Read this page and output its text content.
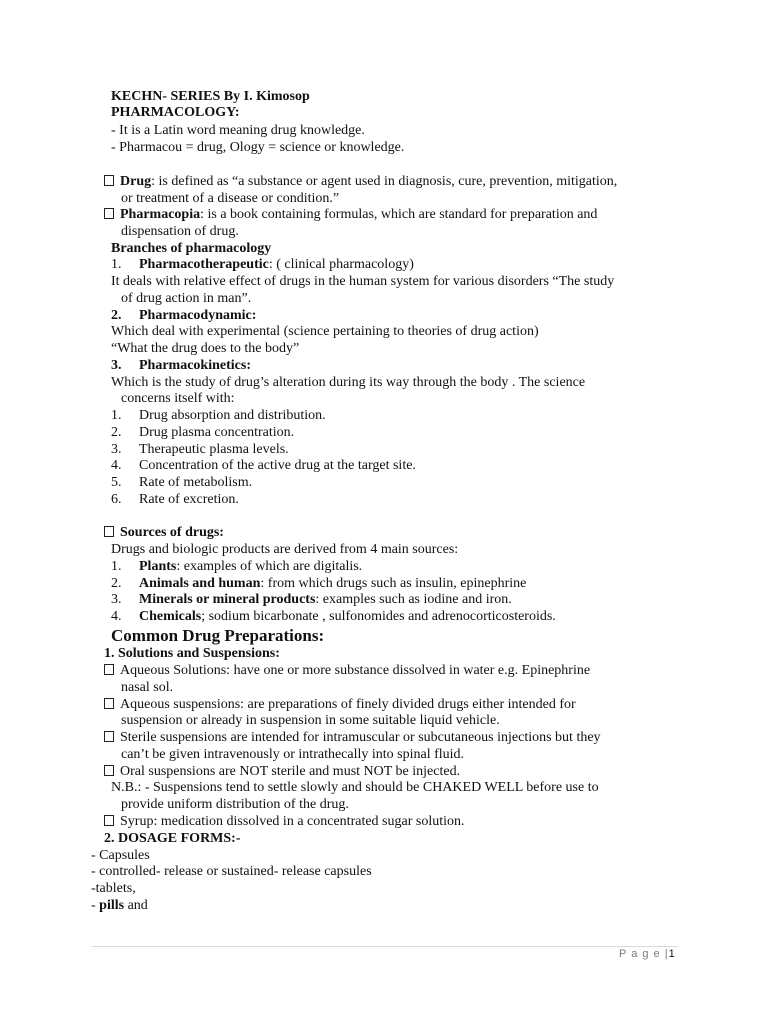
KECHN- SERIES By I. Kimosop
PHARMACOLOGY:
- It is a Latin word meaning drug knowledge.
- Pharmacou = drug, Ology = science or knowledge.
Drug: is defined as “a substance or agent used in diagnosis, cure, prevention, mitigation,
or treatment of a disease or condition.”
Pharmacopia: is a book containing formulas, which are standard for preparation and
dispensation of drug.
Branches of pharmacology
1. Pharmacotherapeutic: ( clinical pharmacology)
It deals with relative effect of drugs in the human system for various disorders “The study
of drug action in man”.
2. Pharmacodynamic:
Which deal with experimental (science pertaining to theories of drug action)
“What the drug does to the body”
3. Pharmacokinetics:
Which is the study of drug’s alteration during its way through the body . The science
concerns itself with:
1. Drug absorption and distribution.
2. Drug plasma concentration.
3. Therapeutic plasma levels.
4. Concentration of the active drug at the target site.
5. Rate of metabolism.
6. Rate of excretion.
Sources of drugs:
Drugs and biologic products are derived from 4 main sources:
1. Plants: examples of which are digitalis.
2. Animals and human: from which drugs such as insulin, epinephrine
3. Minerals or mineral products: examples such as iodine and iron.
4. Chemicals; sodium bicarbonate , sulfonomides and adrenocorticosteroids.
Common Drug Preparations:
1. Solutions and Suspensions:
Aqueous Solutions: have one or more substance dissolved in water e.g. Epinephrine
nasal sol.
Aqueous suspensions: are preparations of finely divided drugs either intended for
suspension or already in suspension in some suitable liquid vehicle.
Sterile suspensions are intended for intramuscular or subcutaneous injections but they
can’t be given intravenously or intrathecally into spinal fluid.
Oral suspensions are NOT sterile and must NOT be injected.
N.B.: - Suspensions tend to settle slowly and should be CHAKED WELL before use to
provide uniform distribution of the drug.
Syrup: medication dissolved in a concentrated sugar solution.
2. DOSAGE FORMS:-
- Capsules
- controlled- release or sustained- release capsules
-tablets,
- pills and
P a g e |1
